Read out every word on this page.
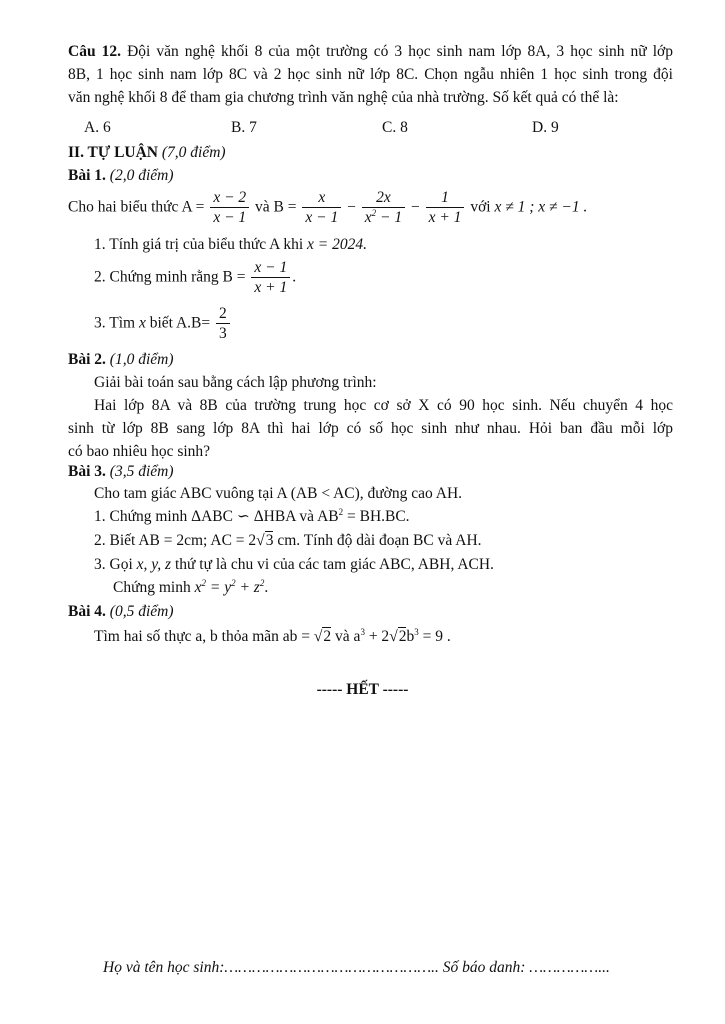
Câu 12. Đội văn nghệ khối 8 của một trường có 3 học sinh nam lớp 8A, 3 học sinh nữ lớp
8B, 1 học sinh nam lớp 8C và 2 học sinh nữ lớp 8C. Chọn ngẫu nhiên 1 học sinh trong đội
văn nghệ khối 8 để tham gia chương trình văn nghệ của nhà trường. Số kết quả có thể là:
A. 6	B. 7	C. 8	D. 9
II. TỰ LUẬN (7,0 điểm)
Bài 1. (2,0 điểm)
Cho hai biểu thức $A = \frac{x - 2}{x - 1}$ và $B = \frac{x}{x - 1} - \frac{2x}{x^2 - 1} - \frac{1}{x + 1}$ với x ≠ 1 ; x ≠ −1 .
1. Tính giá trị của biểu thức A khi x = 2024.
2. Chứng minh rằng $B = \frac{x - 1}{x + 1}$ .
3. Tìm x biết $A.B= \frac{2}{3}$
Bài 2. (1,0 điểm)
Giải bài toán sau bằng cách lập phương trình:
Hai lớp 8A và 8B của trường trung học cơ sở X có 90 học sinh. Nếu chuyển 4 học
sinh từ lớp 8B sang lớp 8A thì hai lớp có số học sinh như nhau. Hỏi ban đầu mỗi lớp
có bao nhiêu học sinh?
Bài 3. (3,5 điểm)
Cho tam giác ABC vuông tại A (AB < AC), đường cao AH.
1. Chứng minh ΔABC ∽ ΔHBA và $AB^2 = BH.BC$.
2. Biết AB = 2cm; AC = 2√3 cm. Tính độ dài đoạn BC và AH.
3. Gọi x, y, z thứ tự là chu vi của các tam giác ABC, ABH, ACH.
Chứng minh $x^2 = y^2 + z^2$.
Bài 4. (0,5 điểm)
Tìm hai số thực a, b thỏa mãn ab = √2 và $a^3 + 2√2b^3 = 9$ .
----- HẾT -----
Họ và tên học sinh:……………………………………….. Số báo danh: ……………...
